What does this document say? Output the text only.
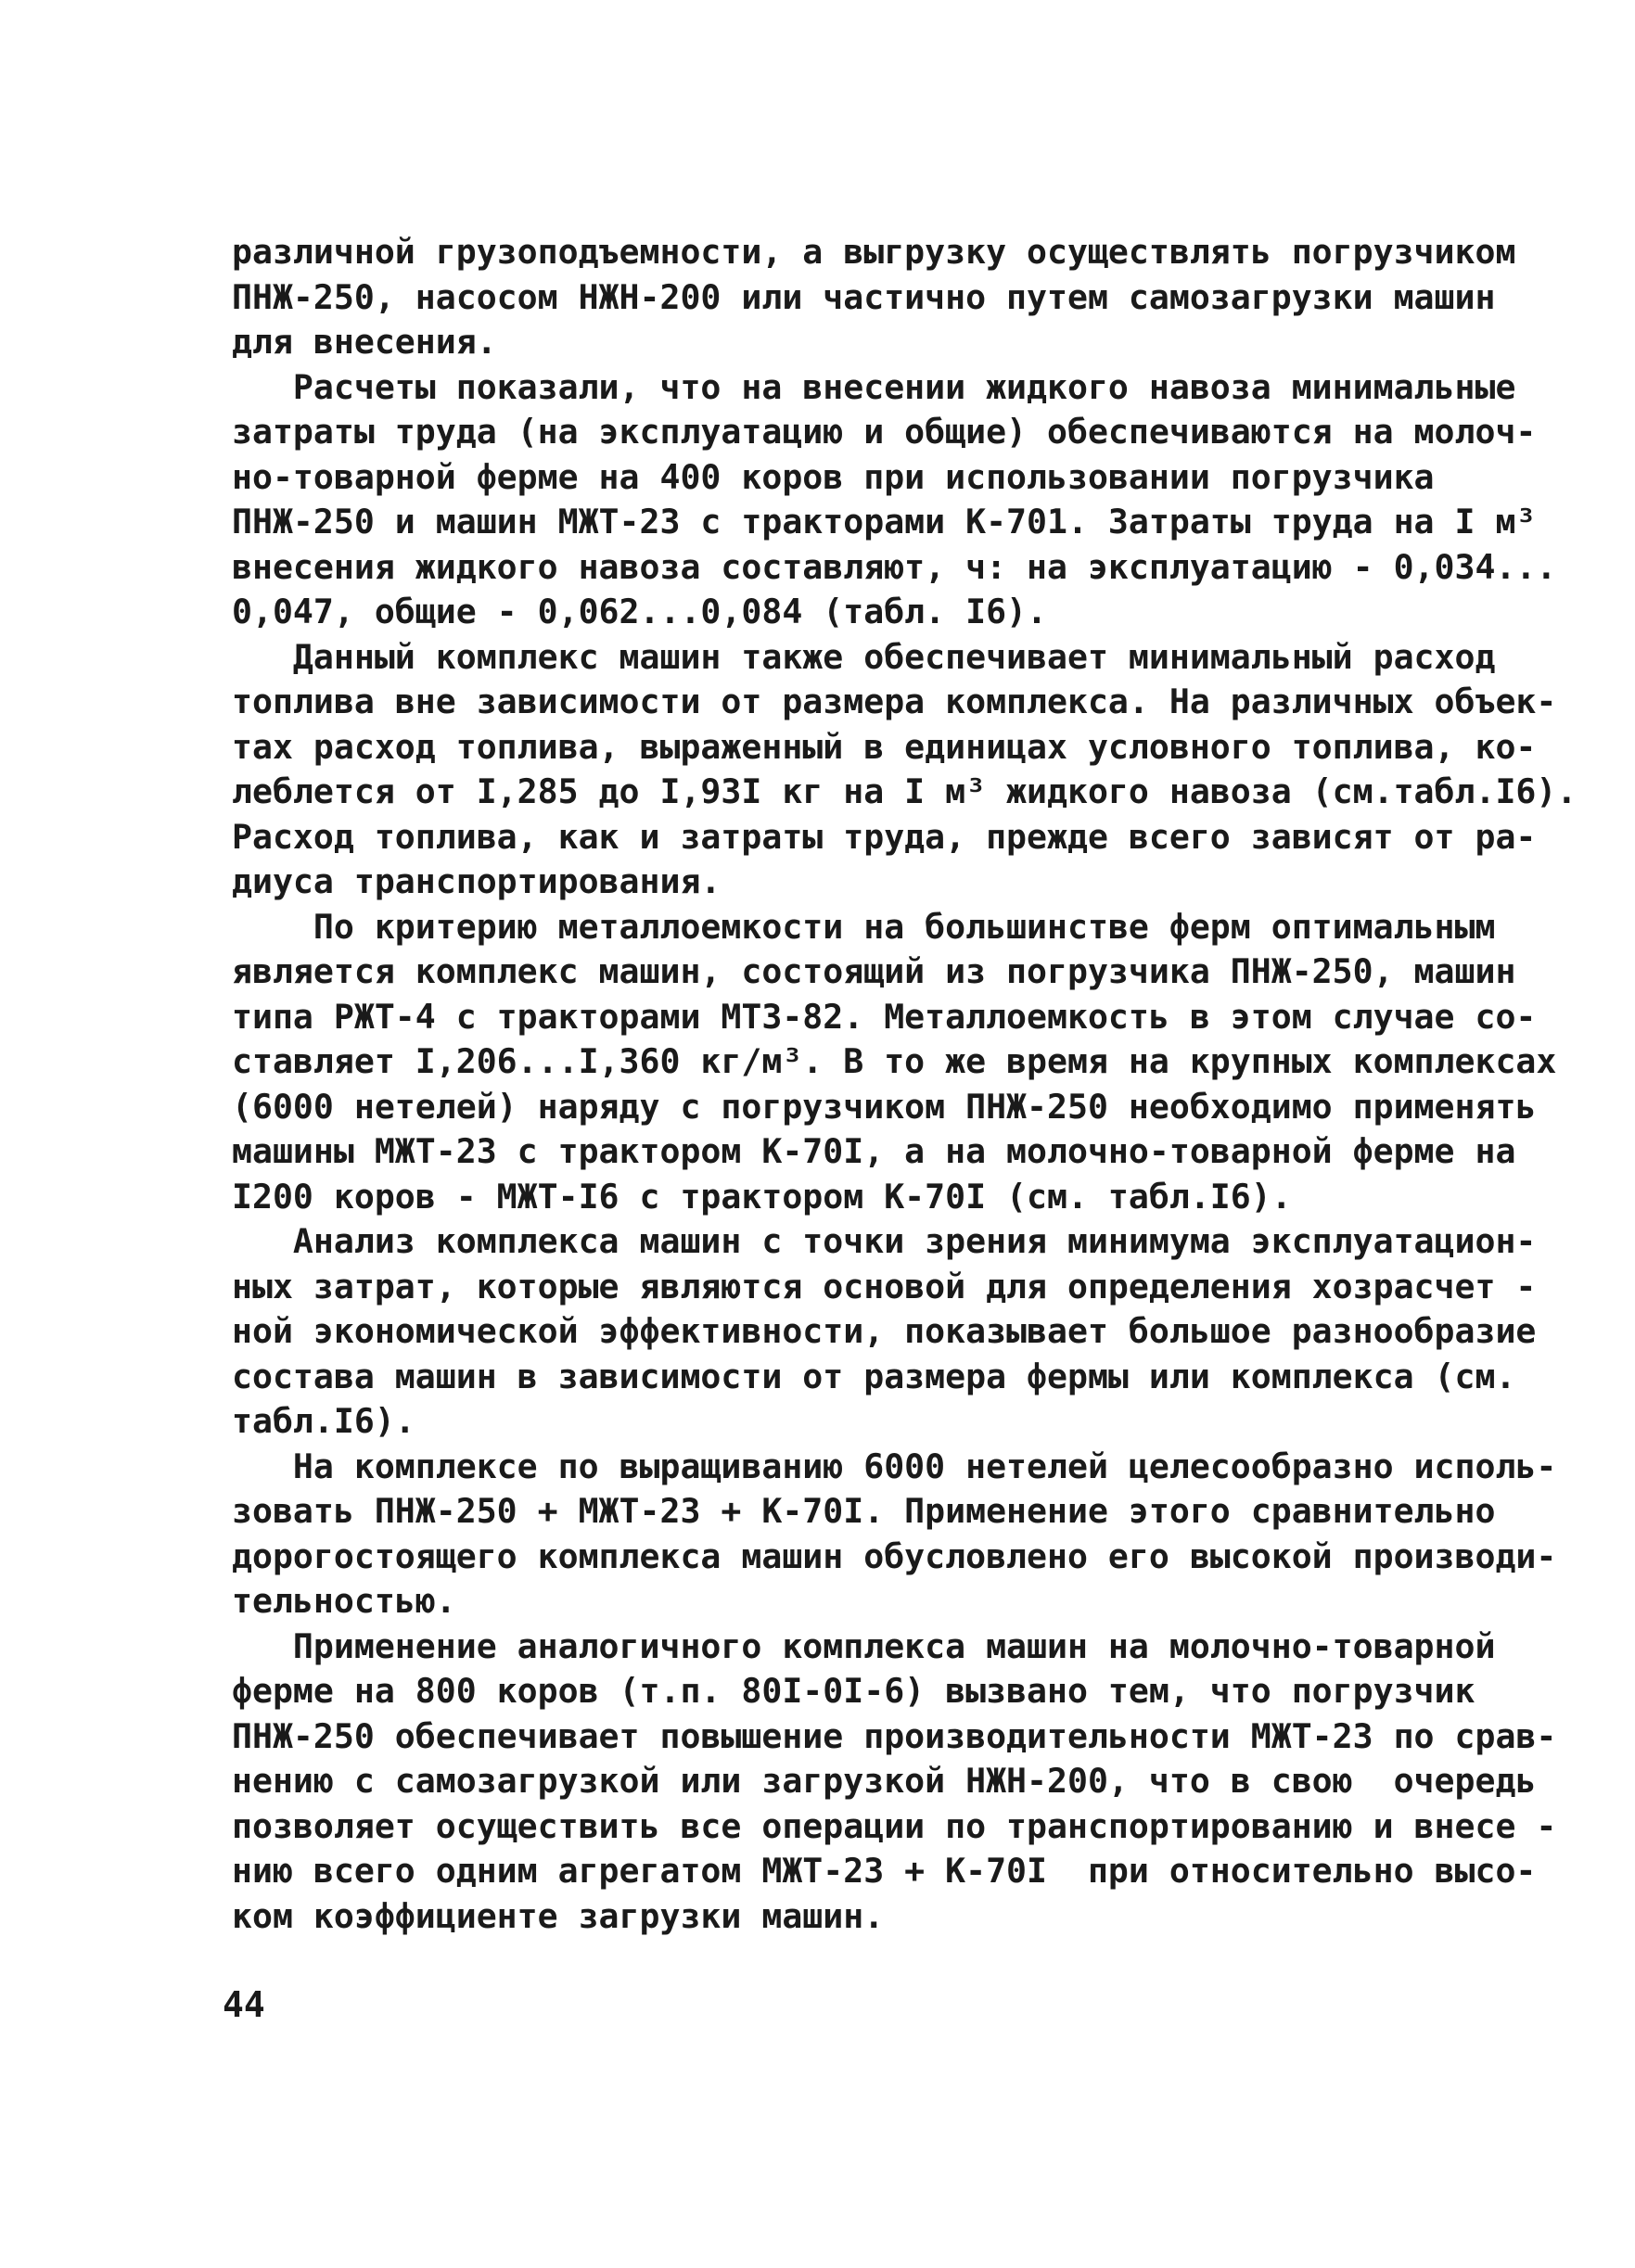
различной грузоподъемности, а выгрузку осуществлять погрузчиком
ПНЖ-250, насосом НЖН-200 или частично путем самозагрузки машин
для внесения.
Расчеты показали, что на внесении жидкого навоза минимальные
затраты труда (на эксплуатацию и общие) обеспечиваются на молоч-
но-товарной ферме на 400 коров при использовании погрузчика
ПНЖ-250 и машин МЖТ-23 с тракторами К-701. Затраты труда на I м³
внесения жидкого навоза составляют, ч: на эксплуатацию - 0,034...
0,047, общие - 0,062...0,084 (табл. I6).
Данный комплекс машин также обеспечивает минимальный расход
топлива вне зависимости от размера комплекса. На различных объек-
тах расход топлива, выраженный в единицах условного топлива, ко-
леблется от I,285 до I,93I кг на I м³ жидкого навоза (см.табл.I6).
Расход топлива, как и затраты труда, прежде всего зависят от ра-
диуса транспортирования.
По критерию металлоемкости на большинстве ферм оптимальным
является комплекс машин, состоящий из погрузчика ПНЖ-250, машин
типа РЖТ-4 с тракторами МТЗ-82. Металлоемкость в этом случае со-
ставляет I,206...I,360 кг/м³. В то же время на крупных комплексах
(6000 нетелей) наряду с погрузчиком ПНЖ-250 необходимо применять
машины МЖТ-23 с трактором К-70I, а на молочно-товарной ферме на
I200 коров - МЖТ-I6 с трактором К-70I (см. табл.I6).
Анализ комплекса машин с точки зрения минимума эксплуатацион-
ных затрат, которые являются основой для определения хозрасчет -
ной экономической эффективности, показывает большое разнообразие
состава машин в зависимости от размера фермы или комплекса (см.
табл.I6).
На комплексе по выращиванию 6000 нетелей целесообразно исполь-
зовать ПНЖ-250 + МЖТ-23 + К-70I. Применение этого сравнительно
дорогостоящего комплекса машин обусловлено его высокой производи-
тельностью.
Применение аналогичного комплекса машин на молочно-товарной
ферме на 800 коров (т.п. 80I-0I-6) вызвано тем, что погрузчик
ПНЖ-250 обеспечивает повышение производительности МЖТ-23 по срав-
нению с самозагрузкой или загрузкой НЖН-200, что в свою  очередь
позволяет осуществить все операции по транспортированию и внесе -
нию всего одним агрегатом МЖТ-23 + К-70I  при относительно высо-
ком коэффициенте загрузки машин.
44
